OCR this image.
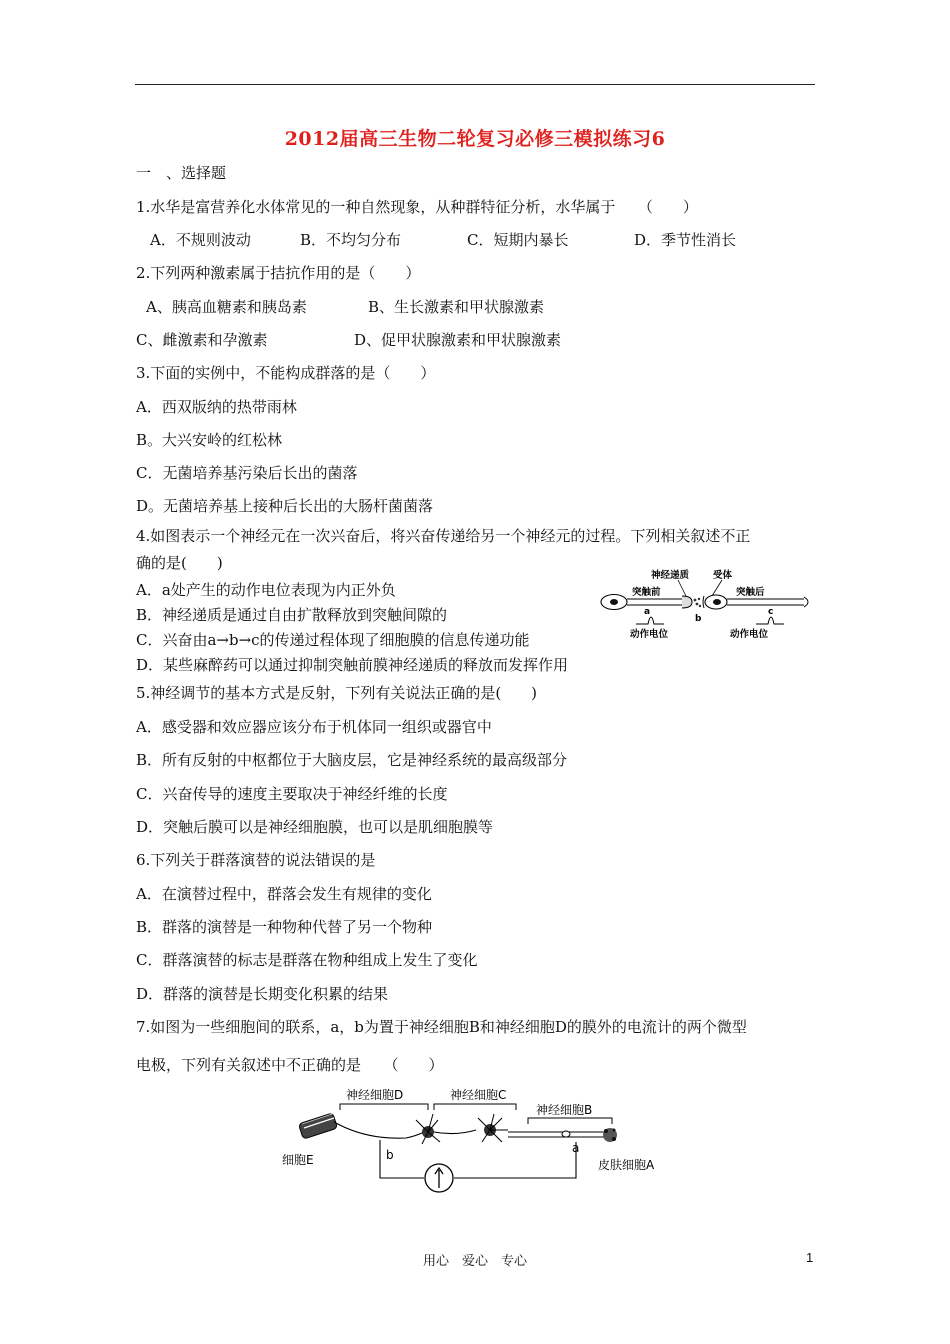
2012届高三生物二轮复习必修三模拟练习6
一　、选择题
1.水华是富营养化水体常见的一种自然现象，从种群特征分析，水华属于　　（　　）
A．不规则波动	B．不均匀分布	C．短期内暴长	D．季节性消长
2.下列两种激素属于拮抗作用的是（　　）
A、胰高血糖素和胰岛素	B、生长激素和甲状腺激素
C、雌激素和孕激素	D、促甲状腺激素和甲状腺激素
3.下面的实例中，不能构成群落的是（　　）
A．西双版纳的热带雨林
B。大兴安岭的红松林
C．无菌培养基污染后长出的菌落
D。无菌培养基上接种后长出的大肠杆菌菌落
4.如图表示一个神经元在一次兴奋后，将兴奋传递给另一个神经元的过程。下列相关叙述不正
确的是(　　)
A．a处产生的动作电位表现为内正外负
B．神经递质是通过自由扩散释放到突触间隙的
C．兴奋由a→b→c的传递过程体现了细胞膜的信息传递功能
D．某些麻醉药可以通过抑制突触前膜神经递质的释放而发挥作用
神经递质	受体
突触前	突触后
a
b
c
动作电位	动作电位
5.神经调节的基本方式是反射，下列有关说法正确的是(　　)
A．感受器和效应器应该分布于机体同一组织或器官中
B．所有反射的中枢都位于大脑皮层，它是神经系统的最高级部分
C．兴奋传导的速度主要取决于神经纤维的长度
D．突触后膜可以是神经细胞膜，也可以是肌细胞膜等
6.下列关于群落演替的说法错误的是
A．在演替过程中，群落会发生有规律的变化
B．群落的演替是一种物种代替了另一个物种
C．群落演替的标志是群落在物种组成上发生了变化
D．群落的演替是长期变化积累的结果
7.如图为一些细胞间的联系，a，b为置于神经细胞B和神经细胞D的膜外的电流计的两个微型
电极，下列有关叙述中不正确的是　　（　　）
神经细胞D	神经细胞C
神经细胞B
细胞E	皮肤细胞A
b	a
用心　爱心　专心	1
